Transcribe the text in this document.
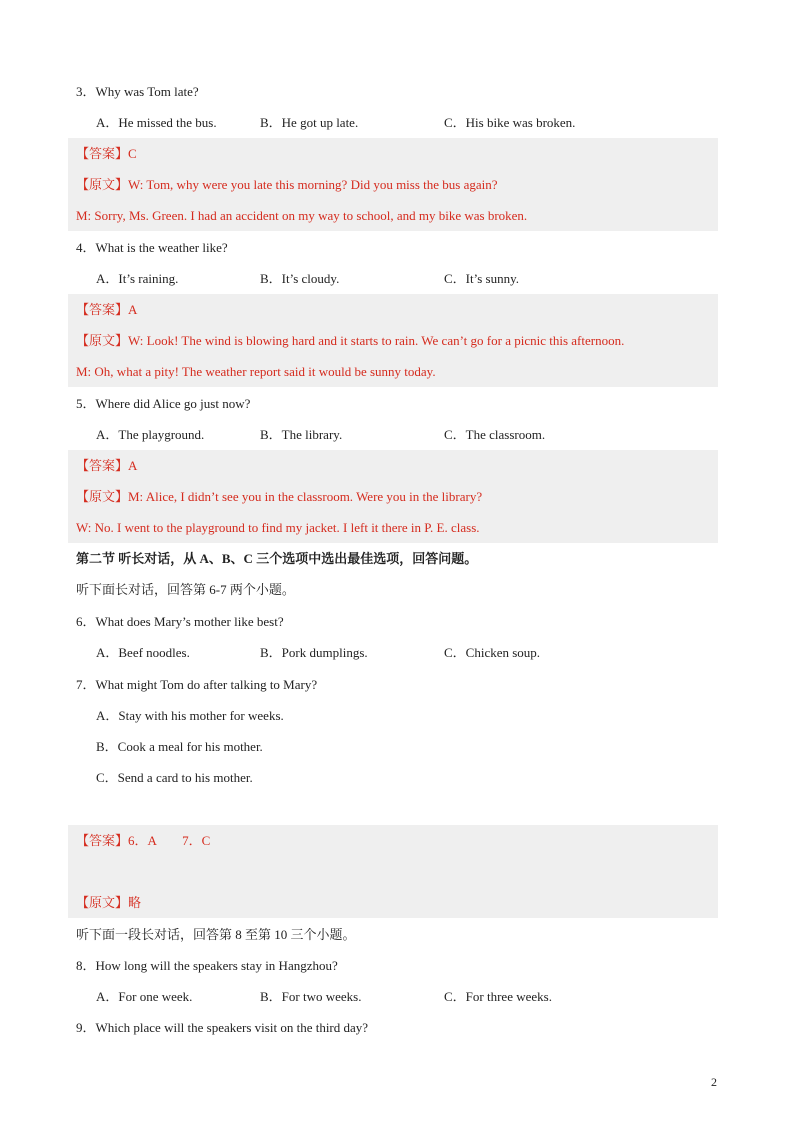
3．Why was Tom late?
A．He missed the bus.	B．He got up late.	C．His bike was broken.
【答案】C
【原文】W: Tom, why were you late this morning? Did you miss the bus again?
M: Sorry, Ms. Green. I had an accident on my way to school, and my bike was broken.
4．What is the weather like?
A．It’s raining.	B．It’s cloudy.	C．It’s sunny.
【答案】A
【原文】W: Look! The wind is blowing hard and it starts to rain. We can’t go for a picnic this afternoon.
M: Oh, what a pity! The weather report said it would be sunny today.
5．Where did Alice go just now?
A．The playground.	B．The library.	C．The classroom.
【答案】A
【原文】M: Alice, I didn’t see you in the classroom. Were you in the library?
W: No. I went to the playground to find my jacket. I left it there in P. E. class.
第二节 听长对话，从 A、B、C 三个选项中选出最佳选项，回答问题。
听下面长对话，回答第 6-7 两个小题。
6．What does Mary’s mother like best?
A．Beef noodles.	B．Pork dumplings.	C．Chicken soup.
7．What might Tom do after talking to Mary?
A．Stay with his mother for weeks.
B．Cook a meal for his mother.
C．Send a card to his mother.
【答案】6．A　　7．C
【原文】略
听下面一段长对话，回答第 8 至第 10 三个小题。
8．How long will the speakers stay in Hangzhou?
A．For one week.	B．For two weeks.	C．For three weeks.
9．Which place will the speakers visit on the third day?
2
